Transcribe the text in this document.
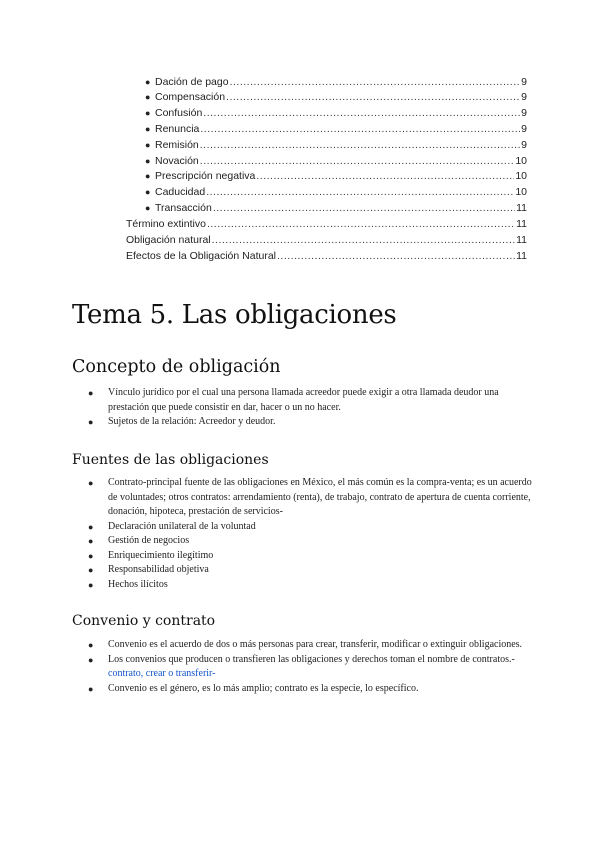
● Dación de pago .....	9
● Compensación .....	9
● Confusión .....	9
● Renuncia .....	9
● Remisión .....	9
● Novación .....	10
● Prescripción negativa .....	10
● Caducidad .....	10
● Transacción .....	11
Término extintivo .....	11
Obligación natural .....	11
Efectos de la Obligación Natural .....	11
Tema 5. Las obligaciones
Concepto de obligación
● Vínculo jurídico por el cual una persona llamada acreedor puede exigir a otra llamada deudor una prestación que puede consistir en dar, hacer o un no hacer.
● Sujetos de la relación: Acreedor y deudor.
Fuentes de las obligaciones
● Contrato-principal fuente de las obligaciones en México, el más común es la compra-venta; es un acuerdo de voluntades; otros contratos: arrendamiento (renta), de trabajo, contrato de apertura de cuenta corriente, donación, hipoteca, prestación de servicios-
● Declaración unilateral de la voluntad
● Gestión de negocios
● Enriquecimiento ilegítimo
● Responsabilidad objetiva
● Hechos ilícitos
Convenio y contrato
● Convenio es el acuerdo de dos o más personas para crear, transferir, modificar o extinguir obligaciones.
● Los convenios que producen o transfieren las obligaciones y derechos toman el nombre de contratos.-contrato, crear o transferir-
● Convenio es el género, es lo más amplio; contrato es la especie, lo específico.
